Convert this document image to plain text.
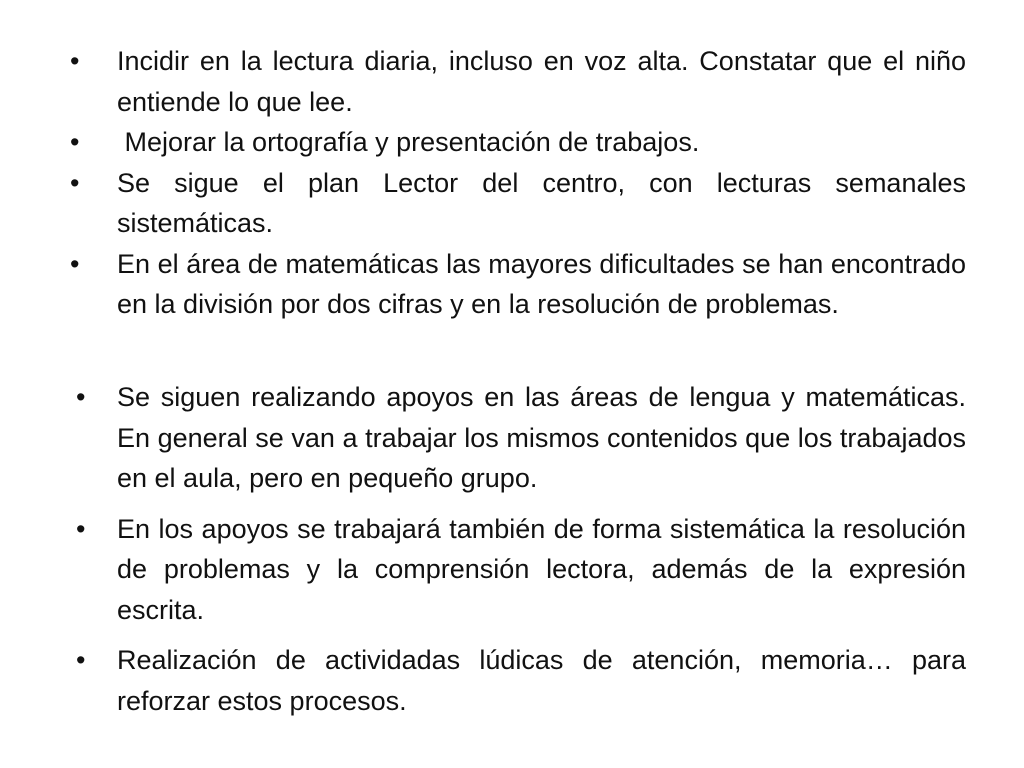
•	Incidir en la lectura diaria, incluso en voz alta. Constatar que el niño entiende lo que lee.
•	Mejorar la ortografía y presentación de trabajos.
•	Se sigue el plan Lector del centro, con lecturas semanales sistemáticas.
•	En el área de matemáticas las mayores dificultades se han encontrado en la división por dos cifras y en la resolución de problemas.
•	Se siguen realizando apoyos en las áreas de lengua y matemáticas. En general se van a trabajar los mismos contenidos que los trabajados en el aula, pero en pequeño grupo.
•	En los apoyos se trabajará también de forma sistemática la resolución de problemas y la comprensión lectora, además de la expresión escrita.
•	Realización de actividadas lúdicas de atención, memoria… para reforzar estos procesos.
